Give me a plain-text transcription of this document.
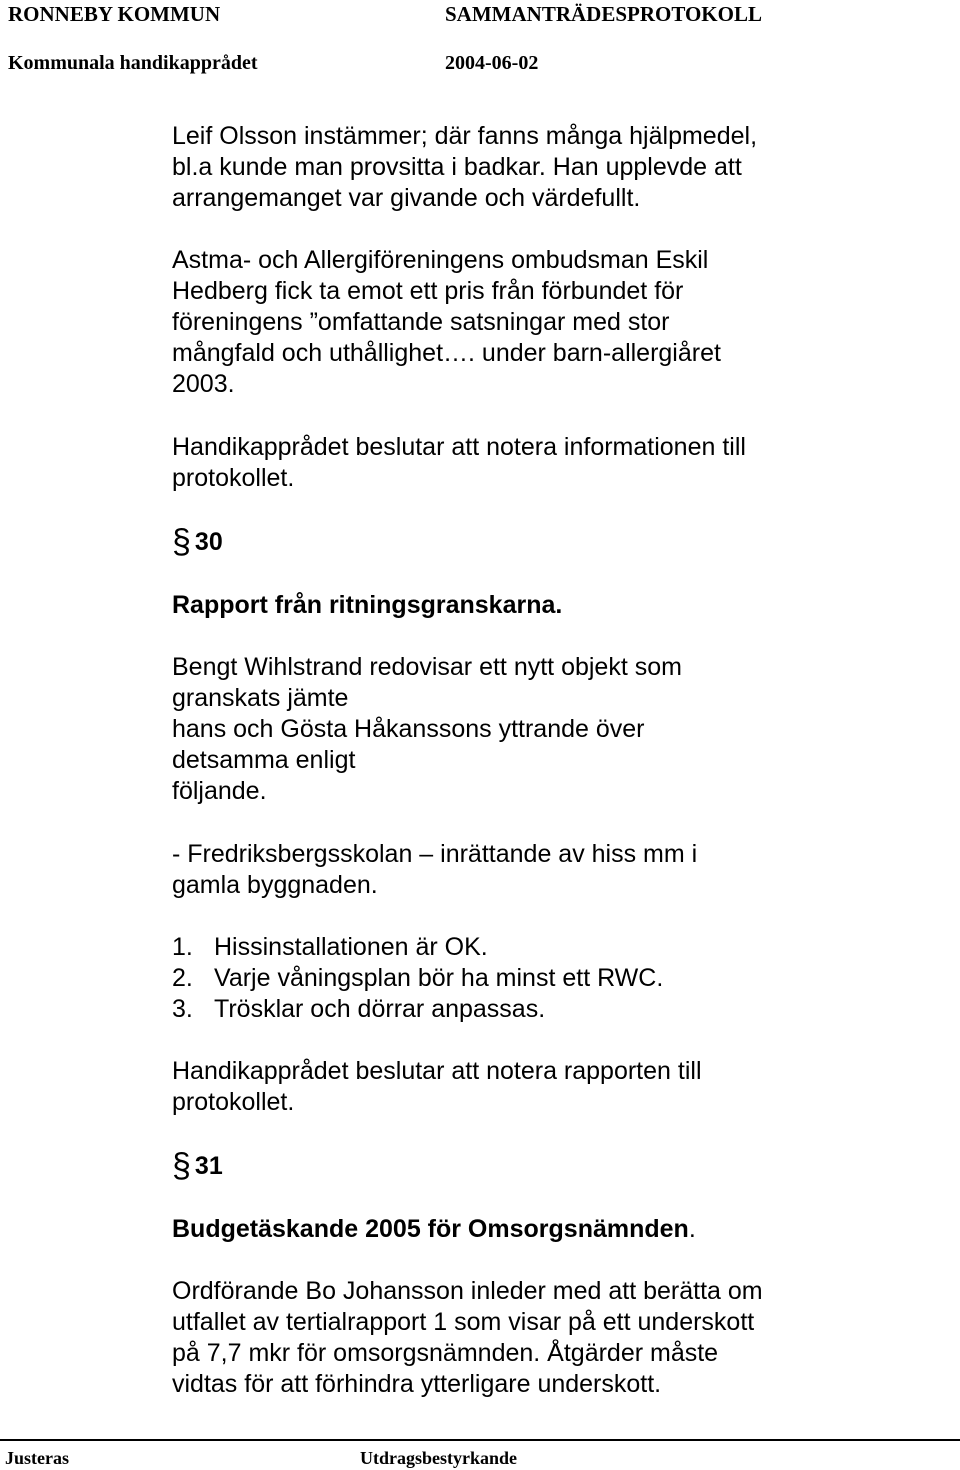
RONNEBY KOMMUN	SAMMANTRÄDESPROTOKOLL
Kommunala handikapprådet	2004-06-02
Leif Olsson instämmer; där fanns många hjälpmedel,
bl.a kunde man provsitta i badkar. Han upplevde att
arrangemanget var givande och värdefullt.
Astma- och Allergiföreningens ombudsman Eskil
Hedberg fick ta emot ett pris från förbundet för
föreningens ”omfattande satsningar med stor
mångfald och uthållighet…. under barn-allergiåret
2003.
Handikapprådet beslutar att notera informationen till
protokollet.
§ 30
Rapport från ritningsgranskarna.
Bengt Wihlstrand redovisar ett nytt objekt som
granskats jämte
hans och Gösta Håkanssons yttrande över
detsamma enligt
följande.
- Fredriksbergsskolan – inrättande av hiss mm i
gamla byggnaden.
1. Hissinstallationen är OK.
2. Varje våningsplan bör ha minst ett RWC.
3. Trösklar och dörrar anpassas.
Handikapprådet beslutar att notera rapporten till
protokollet.
§ 31
Budgetäskande 2005 för Omsorgsnämnden.
Ordförande Bo Johansson inleder med att berätta om
utfallet av tertialrapport 1 som visar på ett underskott
på 7,7 mkr för omsorgsnämnden. Åtgärder måste
vidtas för att förhindra ytterligare underskott.
Justeras	Utdragsbestyrkande
